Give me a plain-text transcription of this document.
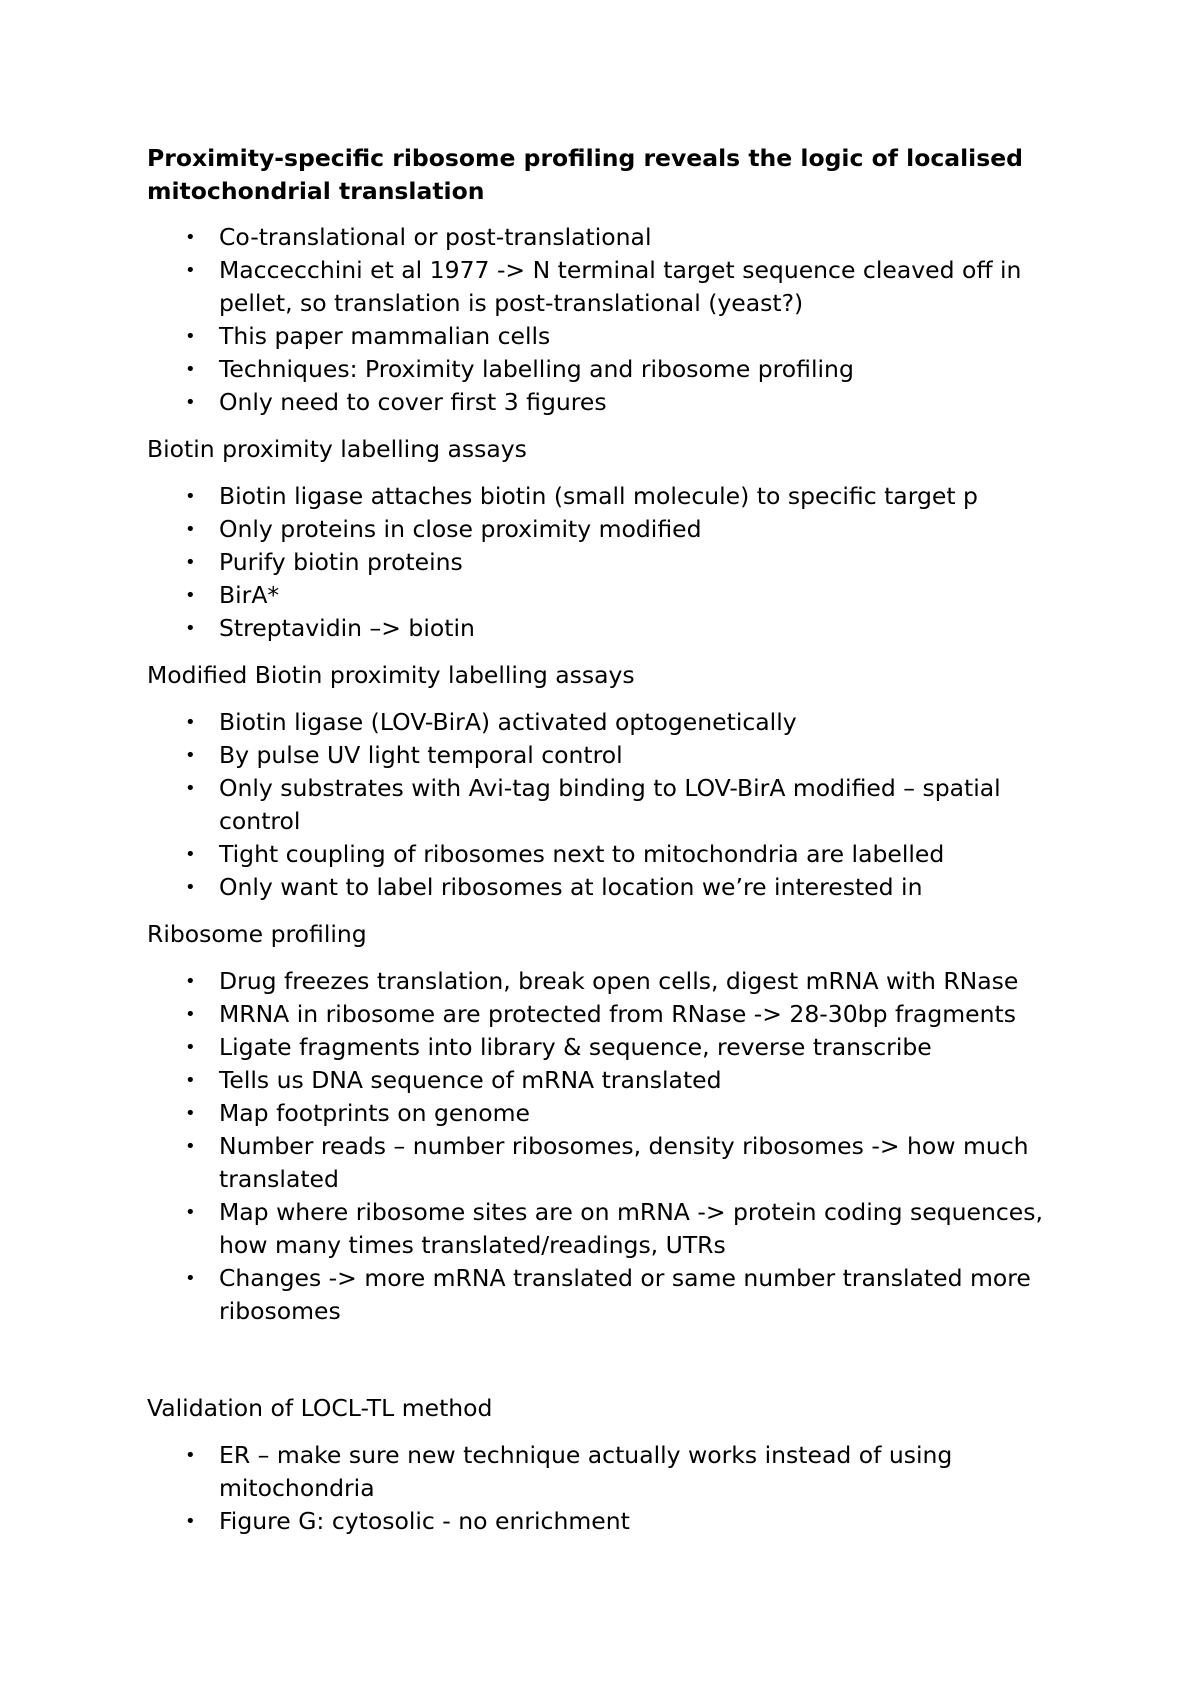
Proximity-specific ribosome profiling reveals the logic of localised mitochondrial translation
• Co-translational or post-translational
• Maccecchini et al 1977 -> N terminal target sequence cleaved off in pellet, so translation is post-translational (yeast?)
• This paper mammalian cells
• Techniques: Proximity labelling and ribosome profiling
• Only need to cover first 3 figures
Biotin proximity labelling assays
• Biotin ligase attaches biotin (small molecule) to specific target p
• Only proteins in close proximity modified
• Purify biotin proteins
• BirA*
• Streptavidin –> biotin
Modified Biotin proximity labelling assays
• Biotin ligase (LOV-BirA) activated optogenetically
• By pulse UV light temporal control
• Only substrates with Avi-tag binding to LOV-BirA modified – spatial control
• Tight coupling of ribosomes next to mitochondria are labelled
• Only want to label ribosomes at location we’re interested in
Ribosome profiling
• Drug freezes translation, break open cells, digest mRNA with RNase
• MRNA in ribosome are protected from RNase -> 28-30bp fragments
• Ligate fragments into library & sequence, reverse transcribe
• Tells us DNA sequence of mRNA translated
• Map footprints on genome
• Number reads – number ribosomes, density ribosomes -> how much translated
• Map where ribosome sites are on mRNA -> protein coding sequences, how many times translated/readings, UTRs
• Changes -> more mRNA translated or same number translated more ribosomes
Validation of LOCL-TL method
• ER – make sure new technique actually works instead of using mitochondria
• Figure G: cytosolic - no enrichment
